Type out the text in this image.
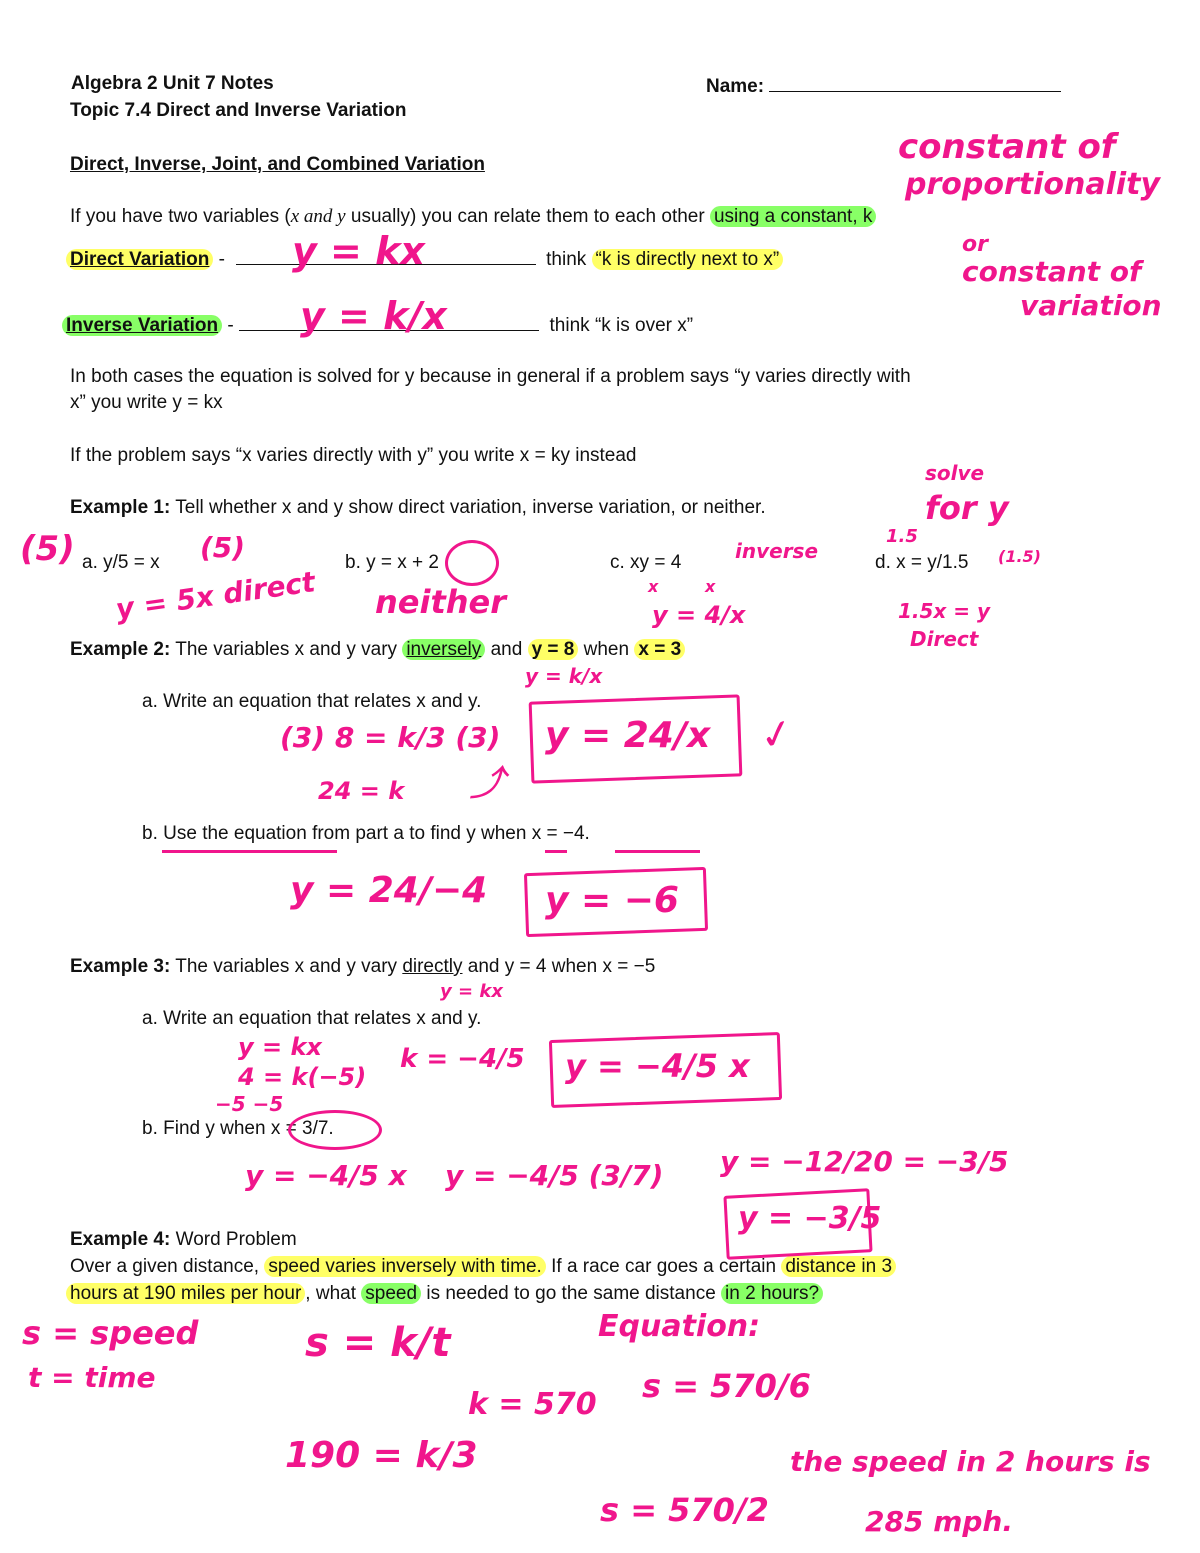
Algebra 2 Unit 7 Notes
Topic 7.4 Direct and Inverse Variation
Name:
Direct, Inverse, Joint, and Combined Variation
If you have two variables (x and y usually) you can relate them to each other using a constant, k
Direct Variation -	think “k is directly next to x”
Inverse Variation -	think “k is over x”
In both cases the equation is solved for y because in general if a problem says “y varies directly with
x” you write y = kx
If the problem says “x varies directly with y” you write x = ky instead
Example 1: Tell whether x and y show direct variation, inverse variation, or neither.
a. y/5 = x	b. y = x + 2	c. xy = 4	d. x = y/1.5
Example 2: The variables x and y vary inversely and y = 8 when x = 3
a. Write an equation that relates x and y.
b. Use the equation from part a to find y when x = −4.
Example 3: The variables x and y vary directly and y = 4 when x = −5
a. Write an equation that relates x and y.
b. Find y when x = 3/7.
Example 4: Word Problem
Over a given distance, speed varies inversely with time. If a race car goes a certain distance in 3
hours at 190 miles per hour , what speed is needed to go the same distance in 2 hours?
constant of
proportionality
or
constant of
variation
y = kx
y = k/x
solve
for y
(5)	(5)
y = 5x direct neither
inverse
x	x
y = 4/x
1.5
(1.5)
1.5x = y
Direct
y = k/x
(3) 8 = k/3 (3)
24 = k ⤴
y = 24/x ✓
y = 24/−4 y = −6
y = kx
y = kx
4 = k(−5)
−5 −5
k = −4/5 y = −4/5 x
y = −4/5 x y = −4/5 (3/7) y = −12/20 = −3/5
y = −3/5
s = speed
t = time
s = k/t
190 = k/3
k = 570
Equation:
s = 570/6
s = 570/2
the speed in 2 hours is
285 mph.
